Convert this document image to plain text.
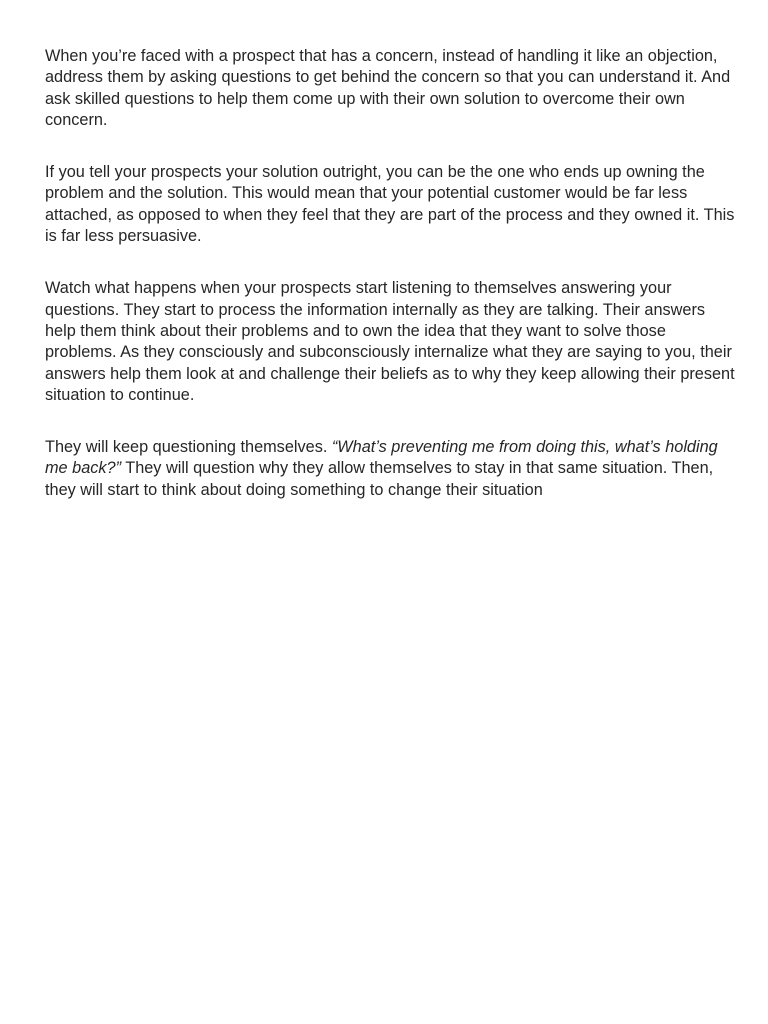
When you’re faced with a prospect that has a concern, instead of handling it like an objection, address them by asking questions to get behind the concern so that you can understand it. And ask skilled questions to help them come up with their own solution to overcome their own concern.

If you tell your prospects your solution outright, you can be the one who ends up owning the problem and the solution. This would mean that your potential customer would be far less attached, as opposed to when they feel that they are part of the process and they owned it. This is far less persuasive.

Watch what happens when your prospects start listening to themselves answering your questions. They start to process the information internally as they are talking. Their answers help them think about their problems and to own the idea that they want to solve those problems. As they consciously and subconsciously internalize what they are saying to you, their answers help them look at and challenge their beliefs as to why they keep allowing their present situation to continue.

They will keep questioning themselves. “What’s preventing me from doing this, what’s holding me back?” They will question why they allow themselves to stay in that same situation. Then, they will start to think about doing something to change their situation
